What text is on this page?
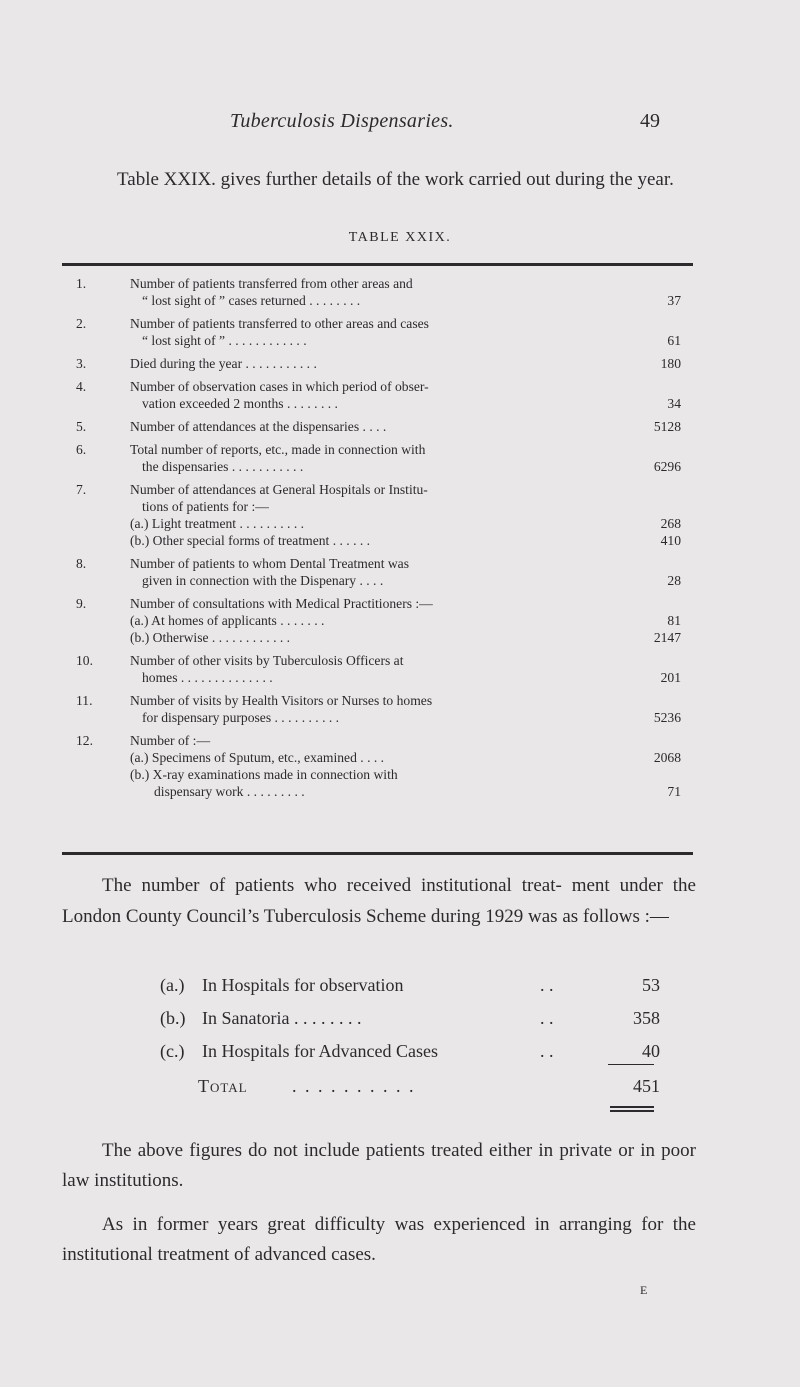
Tuberculosis Dispensaries.	49
Table XXIX. gives further details of the work carried out during the year.
TABLE XXIX.
1.	Number of patients transferred from other areas and
“ lost sight of ” cases returned . . . . . . . .	37
2.	Number of patients transferred to other areas and cases
“ lost sight of ” . . . . . . . . . . . .	61
3.	Died during the year . . . . . . . . . . .	180
4.	Number of observation cases in which period of obser-
vation exceeded 2 months . . . . . . . .	34
5.	Number of attendances at the dispensaries . . . .	5128
6.	Total number of reports, etc., made in connection with
the dispensaries . . . . . . . . . . .	6296
7.	Number of attendances at General Hospitals or Institu-
tions of patients for :—
(a.) Light treatment . . . . . . . . . .	268
(b.) Other special forms of treatment . . . . . .	410
8.	Number of patients to whom Dental Treatment was
given in connection with the Dispenary . . . .	28
9.	Number of consultations with Medical Practitioners :—
(a.) At homes of applicants . . . . . . .	81
(b.) Otherwise . . . . . . . . . . . .	2147
10.	Number of other visits by Tuberculosis Officers at
homes . . . . . . . . . . . . . .	201
11.	Number of visits by Health Visitors or Nurses to homes
for dispensary purposes . . . . . . . . . .	5236
12.	Number of :—
(a.) Specimens of Sputum, etc., examined . . . .	2068
(b.) X-ray examinations made in connection with
dispensary work . . . . . . . . .	71
The number of patients who received institutional treat- ment under the London County Council’s Tuberculosis Scheme during 1929 was as follows :—
(a.) In Hospitals for observation	. .	53
(b.) In Sanatoria . . . . . . . .	. .	358
(c.) In Hospitals for Advanced Cases	. .	40
Total . . . . . . . . . .	451
The above figures do not include patients treated either in private or in poor law institutions.
As in former years great difficulty was experienced in arranging for the institutional treatment of advanced cases.
E
